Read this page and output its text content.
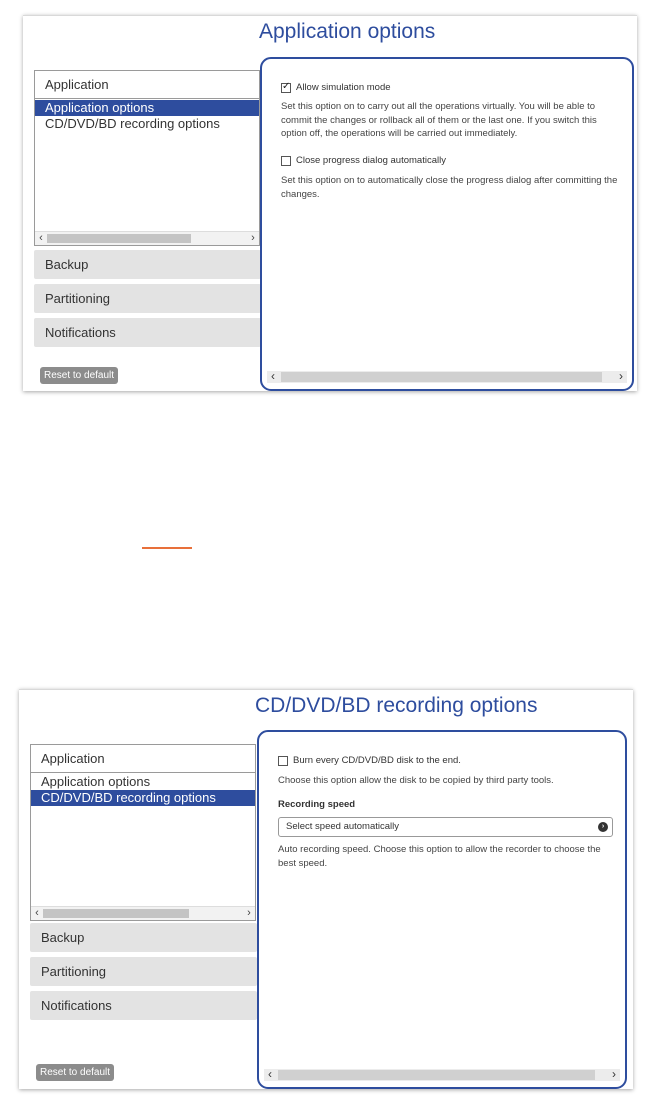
Application options
Application
Application options
CD/DVD/BD recording options
‹	›
Backup
Partitioning
Notifications
Reset to default
✓
Allow simulation mode
Set this option on to carry out all the operations virtually. You will be able to commit the changes or rollback all of them or the last one. If you switch this option off, the operations will be carried out immediately.
Close progress dialog automatically
Set this option on to automatically close the progress dialog after committing the changes.
‹	›
CD/DVD/BD recording options
Application
Application options
CD/DVD/BD recording options
‹	›
Backup
Partitioning
Notifications
Reset to default
Burn every CD/DVD/BD disk to the end.
Choose this option allow the disk to be copied by third party tools.
Recording speed
Select speed automatically	›
Auto recording speed. Choose this option to allow the recorder to choose the best speed.
‹	›
